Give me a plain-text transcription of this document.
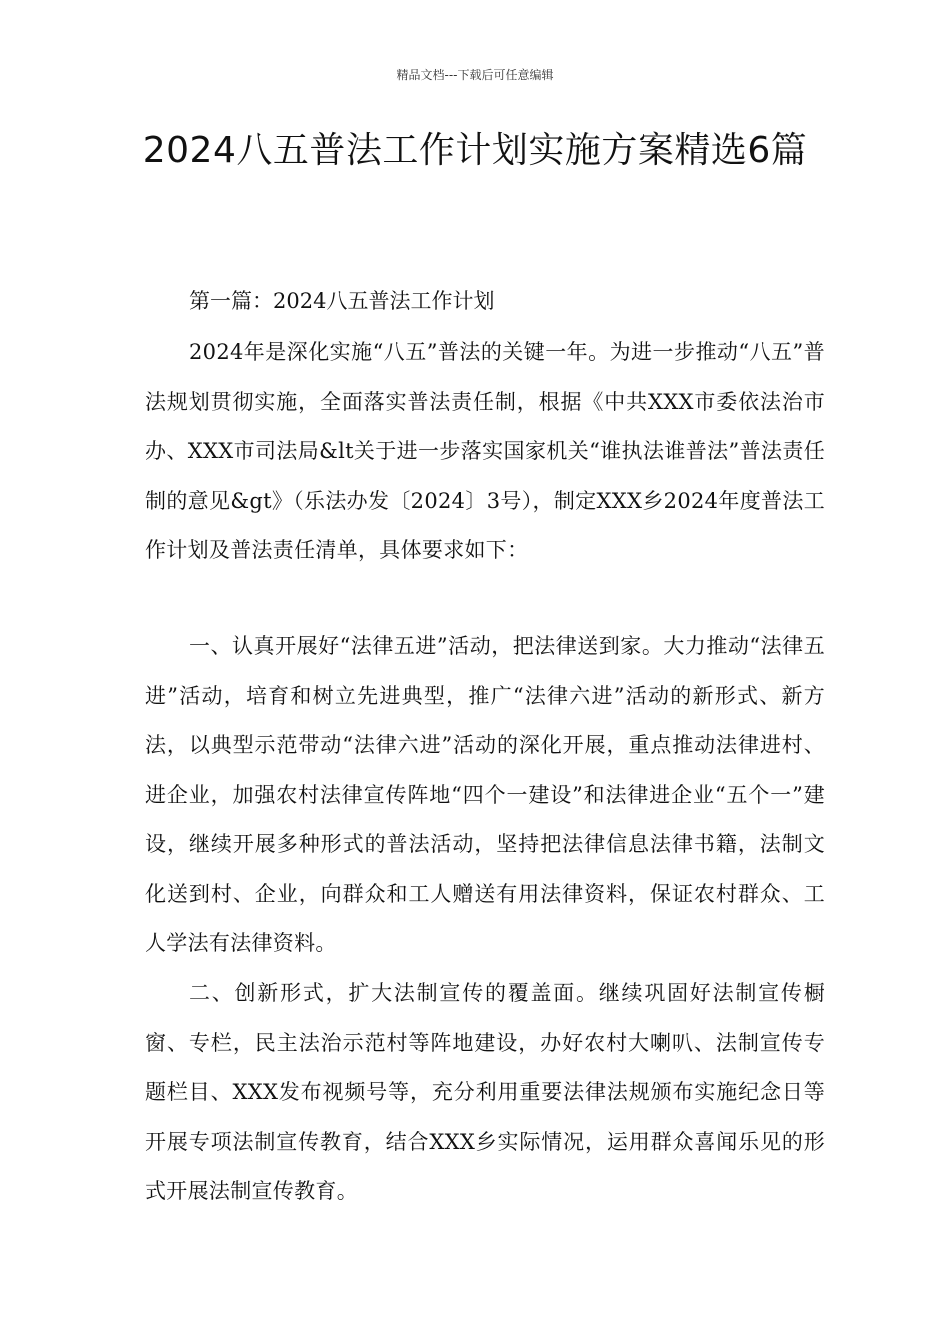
精品文档---下载后可任意编辑
2024八五普法工作计划实施方案精选6篇

第一篇：2024八五普法工作计划

2024年是深化实施“八五”普法的关键一年。为进一步推动“八五”普法规划贯彻实施，全面落实普法责任制，根据《中共XXX市委依法治市办、XXX市司法局&lt关于进一步落实国家机关“谁执法谁普法”普法责任制的意见&gt》（乐法办发〔2024〕3号），制定XXX乡2024年度普法工作计划及普法责任清单，具体要求如下：

一、认真开展好“法律五进”活动，把法律送到家。大力推动“法律五进”活动，培育和树立先进典型，推广“法律六进”活动的新形式、新方法，以典型示范带动“法律六进”活动的深化开展，重点推动法律进村、进企业，加强农村法律宣传阵地“四个一建设”和法律进企业“五个一”建设，继续开展多种形式的普法活动，坚持把法律信息法律书籍，法制文化送到村、企业，向群众和工人赠送有用法律资料，保证农村群众、工人学法有法律资料。

二、创新形式，扩大法制宣传的覆盖面。继续巩固好法制宣传橱窗、专栏，民主法治示范村等阵地建设，办好农村大喇叭、法制宣传专题栏目、XXX发布视频号等，充分利用重要法律法规颁布实施纪念日等开展专项法制宣传教育，结合XXX乡实际情况，运用群众喜闻乐见的形式开展法制宣传教育。
